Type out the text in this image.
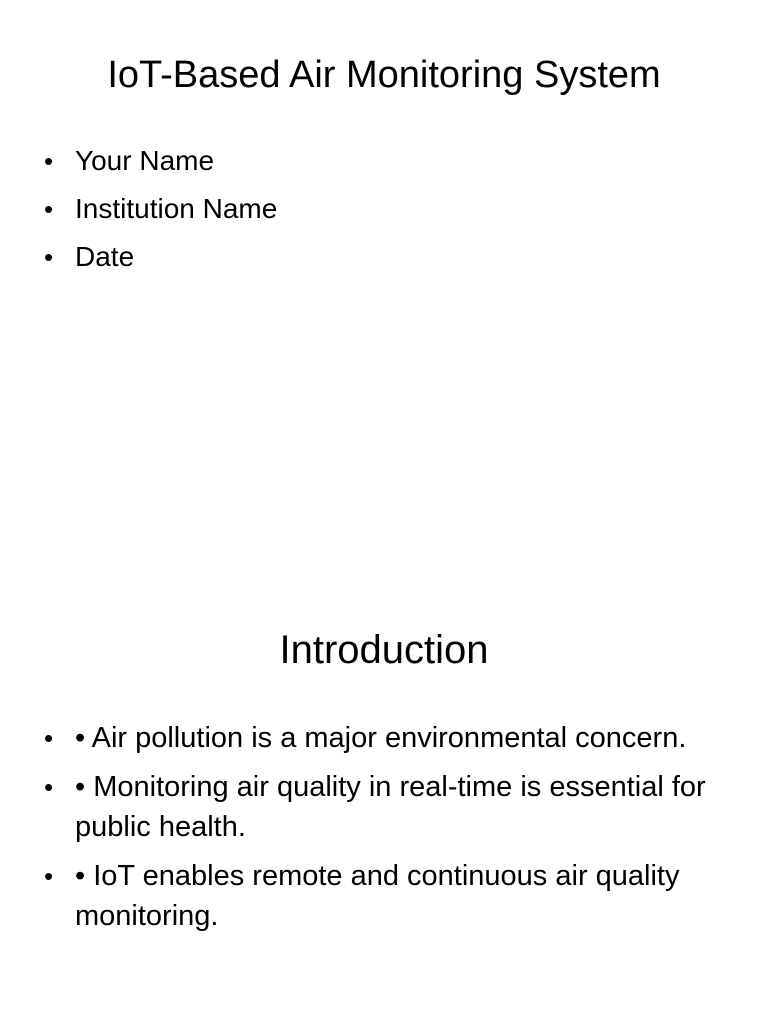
IoT-Based Air Monitoring System
• Your Name
• Institution Name
• Date
Introduction
• • Air pollution is a major environmental concern.
• • Monitoring air quality in real-time is essential for public health.
• • IoT enables remote and continuous air quality monitoring.
